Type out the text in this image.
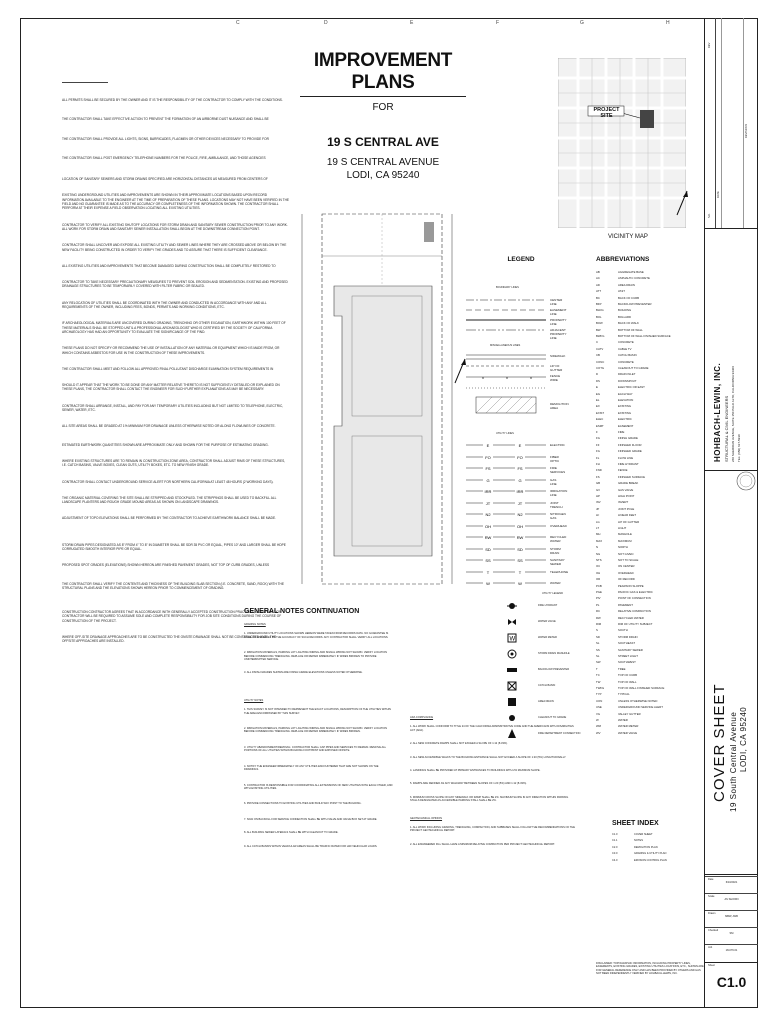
C	D	E	F	G	H
IMPROVEMENT PLANS
FOR
19 S CENTRAL AVE
19 S CENTRAL AVENUE
LODI, CA 95240
PROJECT SITE
VICINITY MAP
ALL PERMITS SHALL BE SECURED BY THE OWNER AND IT IS THE RESPONSIBILITY OF THE CONTRACTOR TO COMPLY WITH THE CONDITIONS.
THE CONTRACTOR SHALL TAKE EFFECTIVE ACTION TO PREVENT THE FORMATION OF AN AIRBORNE DUST NUISANCE AND SHALL BE
THE CONTRACTOR SHALL PROVIDE ALL LIGHTS, SIGNS, BARRICADES, FLAGMEN OR OTHER DEVICES NECESSARY TO PROVIDE FOR
THE CONTRACTOR SHALL POST EMERGENCY TELEPHONE NUMBERS FOR THE POLICE, FIRE, AMBULANCE, AND THOSE AGENCIES
LOCATION OF SANITARY SEWERS AND STORM DRAINS SPECIFIED ARE HORIZONTAL DISTANCES AS MEASURED FROM CENTERS OF
EXISTING UNDERGROUND UTILITIES AND IMPROVEMENTS ARE SHOWN IN THEIR APPROXIMATE LOCATIONS BASED UPON RECORD INFORMATION AVAILABLE TO THE ENGINEER AT THE TIME OF PREPARATION OF THESE PLANS. LOCATIONS MAY NOT HAVE BEEN VERIFIED IN THE FIELD AND NO GUARANTEE IS MADE AS TO THE ACCURACY OR COMPLETENESS OF THE INFORMATION SHOWN. THE CONTRACTOR SHALL PERFORM AT THEIR EXPENSE A FIELD OBSERVATION LOCATING ALL EXISTING UTILITIES.
CONTRACTOR TO VERIFY ALL EXISTING SHUTOFF LOCATIONS FOR STORM DRAIN AND SANITARY SEWER CONSTRUCTION PRIOR TO ANY WORK. ALL WORK FOR STORM DRAIN AND SANITARY SEWER INSTALLATION SHALL BEGIN AT THE DOWNSTREAM CONNECTION POINT.
CONTRACTOR SHALL UNCOVER AND EXPOSE ALL EXISTING UTILITY AND SEWER LINES WHERE THEY ARE CROSSED ABOVE OR BELOW BY THE NEW FACILITY BEING CONSTRUCTED IN ORDER TO VERIFY THE GRADES AND TO ASSURE THAT THERE IS SUFFICIENT CLEARANCE.
ALL EXISTING UTILITIES AND IMPROVEMENTS THAT BECOME DAMAGED DURING CONSTRUCTION SHALL BE COMPLETELY RESTORED TO
CONTRACTOR TO TAKE NECESSARY PRECAUTIONARY MEASURES TO PREVENT SOIL EROSION AND SEDIMENTATION. EXISTING AND PROPOSED DRAINAGE STRUCTURES TO BE TEMPORARILY COVERED WITH FILTER FABRIC OR SEALED.
ANY RELOCATION OF UTILITIES SHALL BE COORDINATED WITH THE OWNER AND CONDUCTED IN ACCORDANCE WITH ANY AND ALL REQUIREMENTS OF THE OWNER, INCLUDING FEES, BONDS, PERMITS AND WORKING CONDITIONS, ETC.
IF ARCHAEOLOGICAL MATERIALS ARE UNCOVERED DURING GRADING, TRENCHING OR OTHER EXCAVATION, EARTHWORK WITHIN 100 FEET OF THESE MATERIALS SHALL BE STOPPED UNTIL A PROFESSIONAL ARCHAEOLOGIST WHO IS CERTIFIED BY THE SOCIETY OF CALIFORNIA ARCHAEOLOGY HAS HAD AN OPPORTUNITY TO EVALUATE THE SIGNIFICANCE OF THE FIND.
THESE PLANS DO NOT SPECIFY OR RECOMMEND THE USE OF INSTALLATION OF ANY MATERIAL OR EQUIPMENT WHICH IS MADE FROM, OR WHICH CONTAINS ASBESTOS FOR USE IN THE CONSTRUCTION OF THESE IMPROVEMENTS.
THE CONTRACTOR SHALL MEET AND FOLLOW ALL APPROVED FINAL POLLUTANT DISCHARGE ELIMINATION SYSTEM REQUIREMENTS IN
SHOULD IT APPEAR THAT THE WORK TO BE DONE OR ANY MATTER RELATIVE THERETO IS NOT SUFFICIENTLY DETAILED OR EXPLAINED ON THESE PLANS, THE CONTRACTOR SHALL CONTACT THE ENGINEER FOR SUCH FURTHER EXPLANATIONS AS MAY BE NECESSARY.
CONTRACTOR SHALL ARRANGE, INSTALL, AND PAY FOR ANY TEMPORARY UTILITIES INCLUDING BUT NOT LIMITED TO TELEPHONE, ELECTRIC, SEWER, WATER, ETC.
ALL SITE AREAS SHALL BE GRADED AT 1% MINIMUM FOR DRAINAGE UNLESS OTHERWISE NOTED OR ALONG FLOWLINES OF CONCRETE.
ESTIMATED EARTHWORK QUANTITIES SHOWN ARE APPROXIMATE ONLY AND SHOWN FOR THE PURPOSE OF ESTIMATING GRADING.
WHERE EXISTING STRUCTURES ARE TO REMAIN IN CONSTRUCTION ZONE AREA, CONTRACTOR SHALL ADJUST RIMS OF THESE STRUCTURES, I.E. CATCH BASINS, VALVE BOXES, CLEAN OUTS, UTILITY BOXES, ETC. TO NEW FINISH GRADE.
CONTRACTOR SHALL CONTACT UNDERGROUND SERVICE ALERT FOR NORTHERN CALIFORNIA AT LEAST 48 HOURS (2 WORKING DAYS).
THE ORGANIC MATERIAL COVERING THE SITE SHALL BE STRIPPED AND STOCKPILED. THE STRIPPINGS SHALL BE USED TO BACKFILL ALL LANDSCAPE PLANTERS AND ROUGH GRADE MOUND AREAS AS SHOWN ON LANDSCAPE DRAWINGS.
ADJUSTMENT OF TOPO ELEVATIONS SHALL BE PERFORMED BY THE CONTRACTOR TO ACHIEVE EARTHWORK BALANCE SHALL BE MADE.
STORM DRAIN PIPES DESIGNATED AS 8" FROM 4" TO 8" IN DIAMETER SHALL BE SDR 35 PVC OR EQUAL, PIPES 10" AND LARGER SHALL BE HDPE CORRUGATED SMOOTH INTERIOR PIPE OR EQUAL.
PROPOSED SPOT GRADES (ELEVATIONS) SHOWN HEREON ARE FINISHED PAVEMENT GRADES, NOT TOP OF CURB GRADES, UNLESS
THE CONTRACTOR SHALL VERIFY THE CONTENTS AND THICKNESS OF THE BUILDING SLAB SECTION (I.E. CONCRETE, SAND, ROCK) WITH THE STRUCTURAL PLANS AND THE ELEVATIONS SHOWN HEREON PRIOR TO COMMENCEMENT OF GRADING.
CONSTRUCTION CONTRACTOR AGREES THAT IN ACCORDANCE WITH GENERALLY ACCEPTED CONSTRUCTION PRACTICES, CONSTRUCTION CONTRACTOR WILL BE REQUIRED TO ASSUME SOLE AND COMPLETE RESPONSIBILITY FOR JOB SITE CONDITIONS DURING THE COURSE OF CONSTRUCTION OF THE PROJECT.
WHERE OFF-SITE DRAINAGE APPROACHES ARE TO BE CONSTRUCTED THE ONSITE DRAINAGE SHALL NOT BE CONSTRUCTED UNTIL THE OFFSITE APPROACHES ARE INSTALLED.
LEGEND
BOUNDARY LINES
CENTER LINE
EASEMENT LINE
PROPERTY LINE
ADJACENT PROPERTY LINE
MISCELLANEOUS LINES
SIDEWALK
LIP OF GUTTER
x	x	x	FENCE WIRE
DEMOLITION AREA
UTILITY LINES
E	E	ELECTRIC
FO	FO	FIBER OPTIC
FS	FS	FIRE SERVICES
G	G	GAS LINE
IRR	IRR	IRRIGATION LINE
JT	JT	JOINT TRENCH
N2	N2	NITROGEN GAS
OH	OH	OVERHEAD
RW	RW	RECYCLED WATER
SD	SD	STORM DRAIN
SS	SS	SANITARY SEWER
T	T	TELEPHONE
W	W	WATER
UTILITY LEGEND
FIRE HYDRANT
WATER VALVE
W	WATER METER
STORM DRAIN MANHOLE
BACKFLOW PREVENTER
CATCH BASIN
AREA DRAIN
CLEANOUT TO GRADE
FIRE DEPARTMENT CONNECTION
ABBREVIATIONS
AB	AGGREGATE BASE
AC	ASPHALTIC CONCRETE
AD	AREA DRAIN
ATT	AT&T
BC	BACK OF CURB
BFP	BACKFLOW PREVENTER
BLDG	BUILDING
BOL	BOLLARD
BOW	BACK OF WALK
BW	BOTTOM OF WALL
BWFG	BOTTOM OF WALL FINISHED SURFACE
C	CONCRETE
CATV	CABLE TV
CB	CATCH BASIN
CONC	CONCRETE
COTG	CLEANOUT TO GRADE
D	DRAIN INLET
DS	DOWNSPOUT
E	ELECTRIC OR EAST
EG	EACH WAY
EL	ELEVATION
EX	EXISTING
EXIST	EXISTING
ELEC	ELECTRIC
ESMT	EASEMENT
F	FIRE
FG	FINISH GRADE
FF	FINISHED FLOOR
FG	FINISHED GRADE
FL	FLOW LINE
FH	FIRE HYDRANT
FND	FENCE
FS	FINISHED SURFACE
GB	GRADE BREAK
GV	GAS VALVE
HP	HIGH POINT
INV	INVERT
JP	JOINT POLE
LF	LINEAR FEET
LG	LIP OF GUTTER
LT	LIGHT
MH	MANHOLE
MAX	MAXIMUM
N	NORTH
NG	NOT GIVEN
NTS	NOT TO SCALE
OC	ON CENTER
OH	OVERHEAD
OR	OF RECORD
PCB	PEARSON SLOPPE
PGE	PACIFIC GAS & ELECTRIC
PIV	POINT OF CONNECTION
PL	PAVEMENT
RC	RELATIVE COMPACTION
RW	RECYCLED WATER
RIM	RIM OF UTILITY SUBJECT
S	SOUTH
SD	STORM DRAIN
SL	SOUTHEAST
SS	SANITARY SEWER
SL	STREET LIGHT
SW	SOUTHWEST
T	TREE
TC	TOP OF CURB
TW	TOP OF WALL
TWFG	TOP OF WALL FINISHED SURFACE
TYP	TYPICAL
UON	UNLESS OTHERWISE NOTED
USE	UNDERGROUND SERVICE ALERT
VG	VALLEY GUTTER
W	WATER
WM	WATER METER
WV	WATER VALVE
GENERAL NOTES CONTINUATION
GRADING NOTES
1. UNDERGROUND UTILITY LOCATIONS SHOWN HEREON WERE TAKEN FROM RECORDS DATA. NO GUARANTEE IS MADE OR IMPLIED AS TO THE ACCURACY OF SUCH RECORDS. ANY CONTRACTOR SHALL VERIFY ALL LOCATIONS.
2. IRRIGATION MATERIALS, PARKING LOT LIGHTING WIRING AND SIGNAL WIRING NOT SHOWN. VERIFY LOCATION BEFORE COMMENCING TRENCHING. REPLACE OR REPAIR IMMEDIATELY IF WIRES BROKEN TO PROVIDE UNINTERRUPTED SERVICE.
3. ALL FINISH GRADES SHOWN ARE FINISH GRADE ELEVATIONS UNLESS NOTED OTHERWISE.
UTILITY NOTES
1. THIS SURVEY IS NOT INTENDED TO REPRESENT THE EXACT LOCATIONS, DESCRIPTION OF THE UTILITIES WITHIN THE AREA ENCOMPASSED BY THIS SURVEY.
2. IRRIGATION MATERIALS, PARKING LOT LIGHTING WIRING AND SIGNAL WIRING NOT SHOWN. VERIFY LOCATION BEFORE COMMENCING TRENCHING. REPLACE OR REPAIR IMMEDIATELY IF WIRES BROKEN.
3. UTILITY ABANDONMENT/REMOVAL: CONTRACTOR SHALL CAP PIPES AND SERVICES TO REMAIN. REMOVE ALL PORTIONS OF ALL UTILITIES WITHIN BUILDING FOOTPRINT AND EXPOSED OFFSITE.
4. NOTIFY THE ENGINEER IMMEDIATELY OF ANY UTILITIES ENCOUNTERED THAT ARE NOT SHOWN ON THE DRAWINGS.
5. CONTRACTOR IS RESPONSIBLE FOR COORDINATING ALL EXTENSIONS OF NEW UTILITIES WITH EACH OTHER, AND WITH EXISTING UTILITIES.
6. PROVIDE CONNECTIONS TO EXISTING UTILITIES AND BUILD WAY POINT TO THE BUILDING.
7. SIGN ON BACKFILL FOR SERVICE CONNECTION SHALL BE WITH VALVE AND VALVE BOX SET AT GRADE.
8. ALL BUILDING SEWER LATERALS SHALL BE WITH CLEANOUT TO GRADE.
9. ALL CATCH BASINS WITHIN VEHICULAR AREAS SHALL BE TRAFFIC RATED FOR H20 VEHICULAR LOADS.
ADA COMPLIANCE
1. ALL WORK SHALL CONFORM TO TITLE 24 OF THE CALIFORNIA ADMINISTRATIVE CODE AND THE AMERICANS WITH DISABILITIES ACT (ADA).
2. ALL NEW CONCRETE RAMPS SHALL NOT EXCEED A SLOPE OF 1:12 (8.33%).
3. ALL NEW ACCESSIBLE WALKS TO THE BUILDING ENTRANCE SHALL NOT EXCEED A SLOPE OF 1:20 (5%) LONGITUDINALLY.
4. LANDINGS SHALL BE PROVIDED AT PRIMARY ENTRANCES TO BUILDINGS WITH 2% MAXIMUM SLOPE.
5. RAMPS ARE DEFINED AS ANY WALKWAY BETWEEN SLOPES OF 1:20 (5%) AND 1:12 (8.33%).
6. MINIMUM CROSS SLOPE ON ANY SIDEWALK OR RAMP SHALL BE 2%. MAXIMUM SLOPE IN ANY DIRECTION WITHIN PARKING STALLS DESIGNATED AS ACCESSIBLE PARKING STALL SHALL BE 2%.
GEOTECHNICAL OPINION
1. ALL WORK INCLUDING GRADING, TRENCHING, COMPACTION, AND SUBBASES SHALL FOLLOW THE RECOMMENDATIONS OF THE PROJECT GEOTECHNICAL REPORT.
2. ALL ENGINEERED FILL SHALL HAVE A MINIMUM RELATIVE COMPACTION PER PROJECT GEOTECHNICAL REPORT.
SHEET INDEX
C1.0	COVER SHEET
C1.1	NOTES
C2.0	DEMOLITION PLAN
C3.0	GRADING & UTILITY PLAN
C4.0	EROSION CONTROL PLAN
DISCLAIMER: TOPOGRAPHIC INFORMATION, INCLUDING PROPERTY LINES, EASEMENTS, EXISTING GRADES, EXISTING UTILITIES LOCATIONS, ETC., SHOWN ARE FOR GENERAL REFERENCE ONLY AND HAS BEEN PROVIDED BY OTHERS AND HAS NOT BEEN INDEPENDENTLY VERIFIED BY HOHBACH-LEWIN, INC.
REV
NO.
DATE
REVISIONS
HOHBACH-LEWIN, INC. STRUCTURAL & CIVIL ENGINEERS 260 SHERIDAN AVENUE, SUITE 150 PALO ALTO, CALIFORNIA 94306 TEL: (650) 617-5930
COVER SHEET 19 South Central Avenue LODI, CA 95240
Date
6/10/2021
Scale
AS SHOWN
Drawn
MBW, ANB
Checked
SM
Job
18-079.01
Sheet
C1.0
